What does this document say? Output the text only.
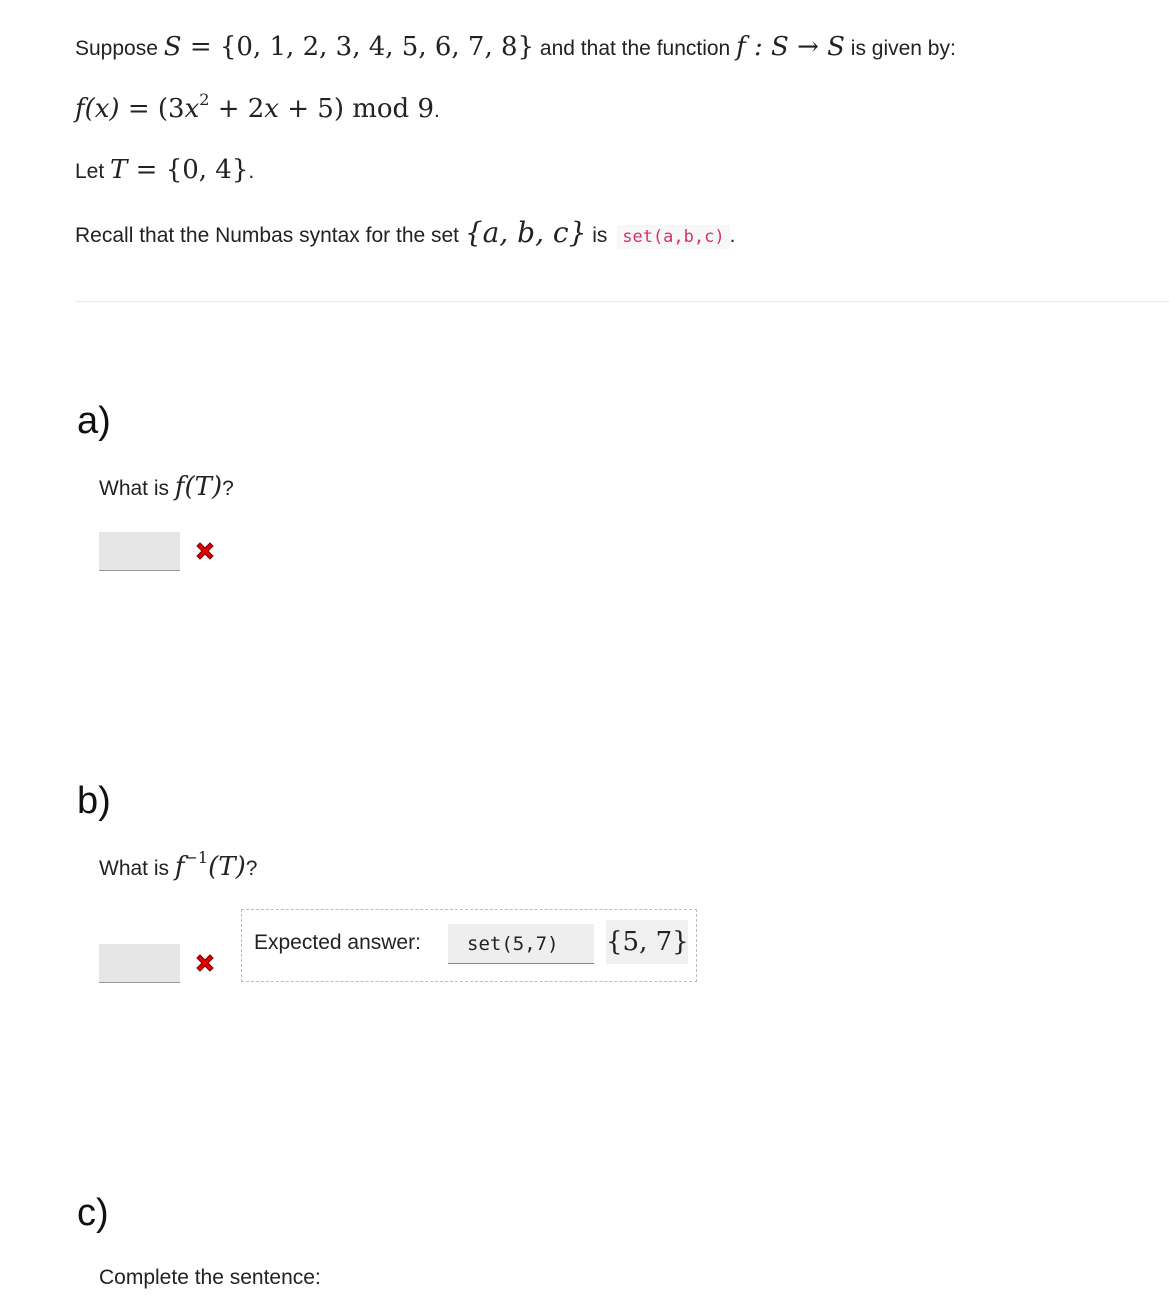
Suppose S = {0, 1, 2, 3, 4, 5, 6, 7, 8} and that the function f : S → S is given by:
f(x) = (3 x 2 + 2 x + 5) mod 9 .
Let T = {0, 4} .
Recall that the Numbas syntax for the set {a, b, c} is set(a,b,c) .
a)
What is f(T) ?
b)
What is f −1 (T) ?
Expected answer:	set(5,7)	{5, 7}
c)
Complete the sentence:
